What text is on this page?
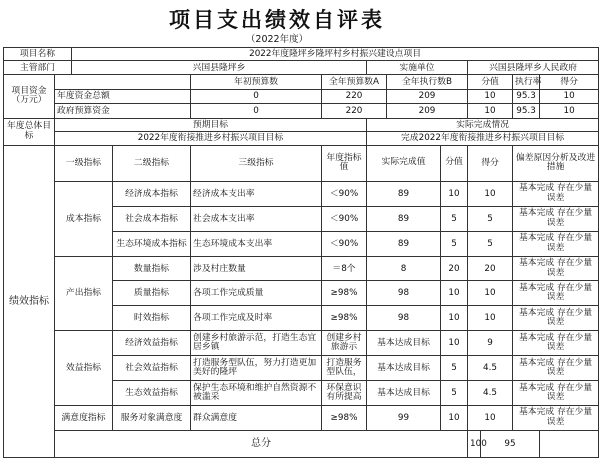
项目支出绩效自评表
（2022年度）
项目名称		2022年度隆坪乡隆坪村乡村振兴建设点项目										
主管部门		兴国县隆坪乡				实施单位			兴国县隆坪乡人民政府			
项目资金（万元）				年初预算数	全年预算数A		全年执行数B		分值		执行率	得分
	年度资金总额			0	220		209		10		95.3	10
	政府预算资金			0	220		209		10		95.3	10
年度总体目标	预期目标					实际完成情况						
	2022年度衔接推进乡村振兴项目目标					完成2022年度衔接推进乡村振兴项目目标						
绩效指标	一级指标		二级指标	三级指标	年度指标值	实际完成值		分值	得分		偏差原因分析及改进措施	
	成本指标		经济成本指标	经济成本支出率	＜90%	89		10	10		基本完成 存在少量误差	
			社会成本指标	社会成本支出率	＜90%	89		5	5		基本完成 存在少量误差	
			生态环境成本指标	生态环境成本支出率	＜90%	89		5	5		基本完成 存在少量误差	
	产出指标		数量指标	涉及村庄数量	＝8个	8		20	20		基本完成 存在少量误差	
			质量指标	各项工作完成质量	≥98%	98		10	10		基本完成 存在少量误差	
			时效指标	各项工作完成及时率	≥98%	98		10	10		基本完成 存在少量误差	
	效益指标		经济效益指标	创建乡村旅游示范，打造生态宜居乡镇	创建乡村旅游示	基本达成目标		10	9		基本完成 存在少量误差	
			社会效益指标	打造服务型队伍，努力打造更加美好的隆坪	打造服务型队伍，	基本达成目标		5	4.5		基本完成 存在少量误差	
			生态效益指标	保护生态环境和维护自然资源不被滥采	环保意识有所提高	基本达成目标		5	4.5		基本完成 存在少量误差	
	满意度指标		服务对象满意度	群众满意度	≥98%	99		10	10		基本完成 存在少量误差	
	总分								100	95		
